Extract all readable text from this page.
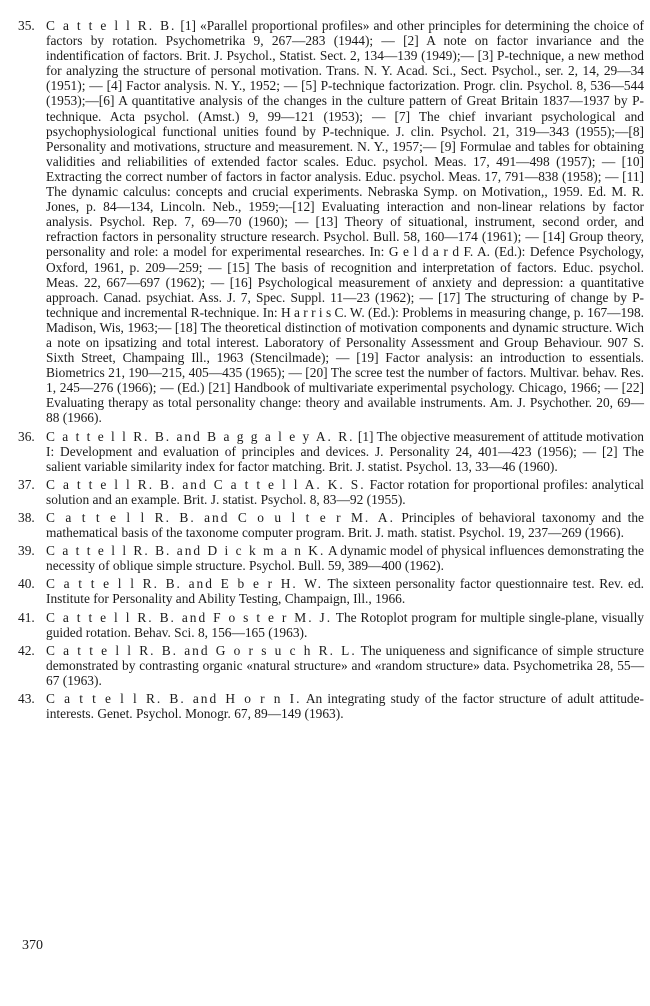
35. C a t t e l l R. B. [1] «Parallel proportional profiles» and other principles for determining the choice of factors by rotation. Psychometrika 9, 267—283 (1944); — [2] A note on factor invariance and the indentification of factors. Brit. J. Psychol., Statist. Sect. 2, 134—139 (1949);— [3] P-technique, a new method for analyzing the structure of personal motivation. Trans. N. Y. Acad. Sci., Sect. Psychol., ser. 2, 14, 29—34 (1951); — [4] Factor analysis. N. Y., 1952; — [5] P-technique factorization. Progr. clin. Psychol. 8, 536—544 (1953);—[6] A quantitative analysis of the changes in the culture pattern of Great Britain 1837—1937 by P-technique. Acta psychol. (Amst.) 9, 99—121 (1953); — [7] The chief invariant psychological and psychophysiological functional unities found by P-technique. J. clin. Psychol. 21, 319—343 (1955);—[8] Personality and motivations, structure and measurement. N. Y., 1957;— [9] Formulae and tables for obtaining validities and reliabilities of extended factor scales. Educ. psychol. Meas. 17, 491—498 (1957); — [10] Extracting the correct number of factors in factor analysis. Educ. psychol. Meas. 17, 791—838 (1958); — [11] The dynamic calculus: concepts and crucial experiments. Nebraska Symp. on Motivation,, 1959. Ed. M. R. Jones, p. 84—134, Lincoln. Neb., 1959;—[12] Evaluating interaction and non-linear relations by factor analysis. Psychol. Rep. 7, 69—70 (1960); — [13] Theory of situational, instrument, second order, and refraction factors in personality structure research. Psychol. Bull. 58, 160—174 (1961); — [14] Group theory, personality and role: a model for experimental researches. In: G e l d a r d F. A. (Ed.): Defence Psychology, Oxford, 1961, p. 209—259; — [15] The basis of recognition and interpretation of factors. Educ. psychol. Meas. 22, 667—697 (1962); — [16] Psychological measurement of anxiety and depression: a quantitative approach. Canad. psychiat. Ass. J. 7, Spec. Suppl. 11—23 (1962); — [17] The structuring of change by P-technique and incremental R-technique. In: H a r r i s C. W. (Ed.): Problems in measuring change, p. 167—198. Madison, Wis, 1963;— [18] The theoretical distinction of motivation components and dynamic structure. Wich a note on ipsatizing and total interest. Laboratory of Personality Assessment and Group Behaviour. 907 S. Sixth Street, Champaing Ill., 1963 (Stencilmade); — [19] Factor analysis: an introduction to essentials. Biometrics 21, 190—215, 405—435 (1965); — [20] The scree test the number of factors. Multivar. behav. Res. 1, 245—276 (1966); — (Ed.) [21] Handbook of multivariate experimental psychology. Chicago, 1966; — [22] Evaluating therapy as total personality change: theory and available instruments. Am. J. Psychother. 20, 69—88 (1966).
36. C a t t e l l R. B. and B a g g a l e y A. R. [1] The objective measurement of attitude motivation I: Development and evaluation of principles and devices. J. Personality 24, 401—423 (1956); — [2] The salient variable similarity index for factor matching. Brit. J. statist. Psychol. 13, 33—46 (1960).
37. C a t t e l l R. B. and C a t t e l l A. K. S. Factor rotation for proportional profiles: analytical solution and an example. Brit. J. statist. Psychol. 8, 83—92 (1955).
38. C a t t e l l R. B. and C o u l t e r M. A. Principles of behavioral taxonomy and the mathematical basis of the taxonome computer program. Brit. J. math. statist. Psychol. 19, 237—269 (1966).
39. C a t t e l l R. B. and D i c k m a n K. A dynamic model of physical influences demonstrating the necessity of oblique simple structure. Psychol. Bull. 59, 389—400 (1962).
40. C a t t e l l R. B. and E b e r H. W. The sixteen personality factor questionnaire test. Rev. ed. Institute for Personality and Ability Testing, Champaign, Ill., 1966.
41. C a t t e l l R. B. and F o s t e r M. J. The Rotoplot program for multiple single-plane, visually guided rotation. Behav. Sci. 8, 156—165 (1963).
42. C a t t e l l R. B. and G o r s u c h R. L. The uniqueness and significance of simple structure demonstrated by contrasting organic «natural structure» and «random structure» data. Psychometrika 28, 55—67 (1963).
43. C a t t e l l R. B. and H o r n I. An integrating study of the factor structure of adult attitude-interests. Genet. Psychol. Monogr. 67, 89—149 (1963).
370
